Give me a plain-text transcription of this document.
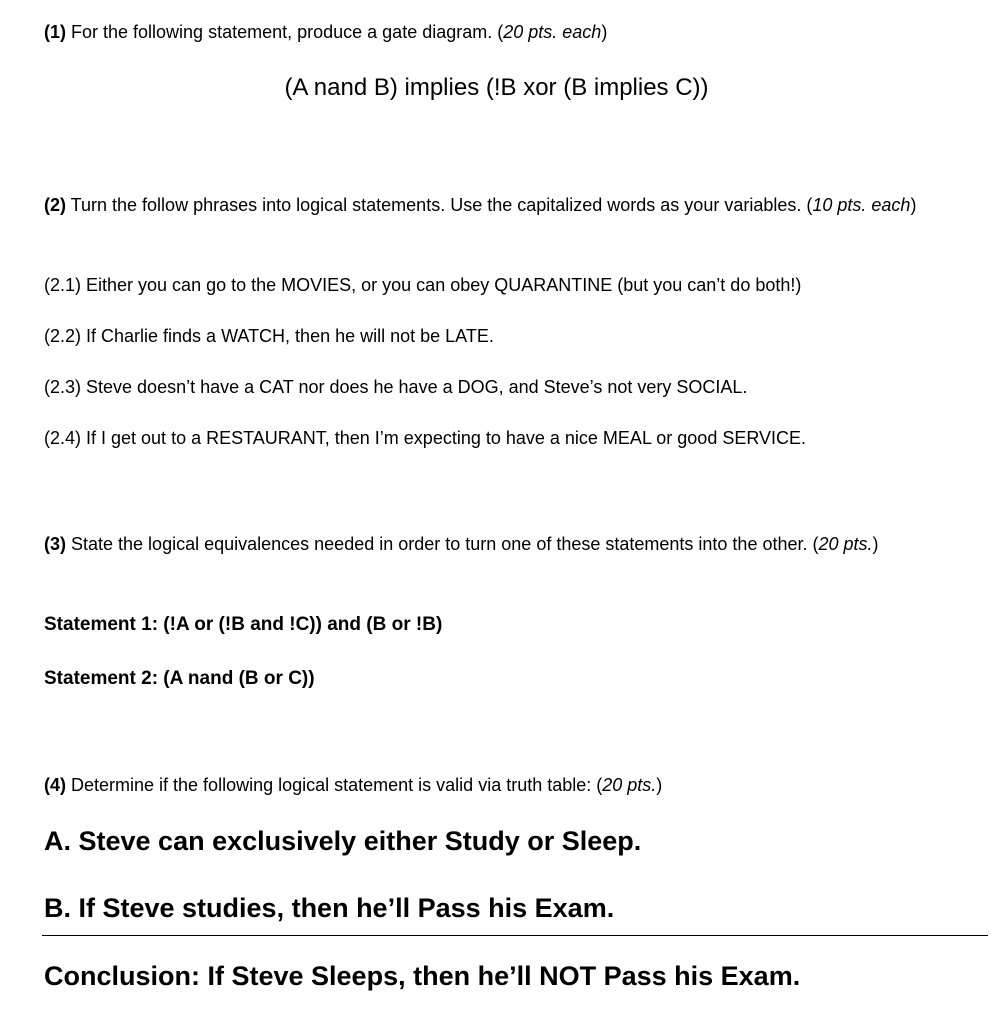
(1) For the following statement, produce a gate diagram. (20 pts. each)
(A nand B) implies (!B xor (B implies C))
(2) Turn the follow phrases into logical statements. Use the capitalized words as your variables. (10 pts. each)
(2.1) Either you can go to the MOVIES, or you can obey QUARANTINE (but you can’t do both!)
(2.2) If Charlie finds a WATCH, then he will not be LATE.
(2.3) Steve doesn’t have a CAT nor does he have a DOG, and Steve’s not very SOCIAL.
(2.4) If I get out to a RESTAURANT, then I’m expecting to have a nice MEAL or good SERVICE.
(3) State the logical equivalences needed in order to turn one of these statements into the other. (20 pts.)
Statement 1: (!A or (!B and !C)) and (B or !B)
Statement 2: (A nand (B or C))
(4) Determine if the following logical statement is valid via truth table: (20 pts.)
A. Steve can exclusively either Study or Sleep.
B. If Steve studies, then he’ll Pass his Exam.
Conclusion: If Steve Sleeps, then he’ll NOT Pass his Exam.
